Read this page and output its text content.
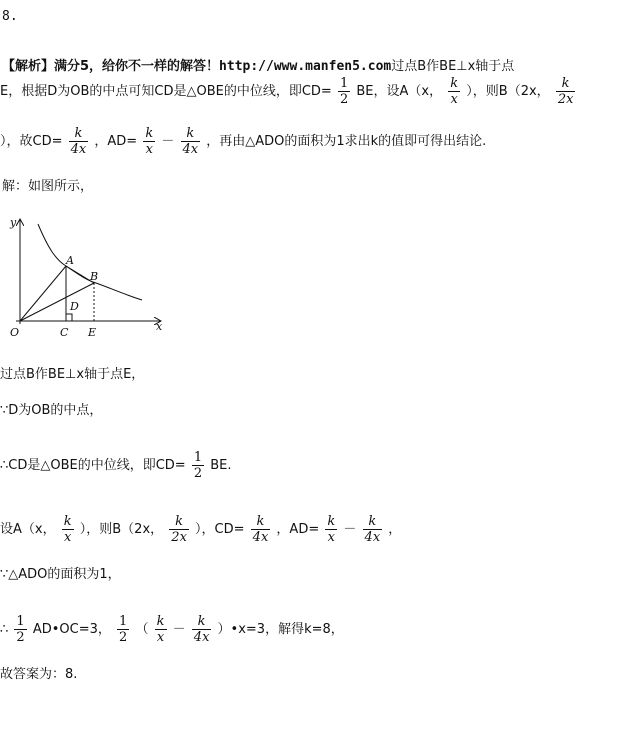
8.
【解析】满分5，给你不一样的解答！http://www.manfen5.com过点B作BE⊥x轴于点
E，根据D为OB的中点可知CD是△OBE的中位线，即$CD= \frac{1}{2}$ BE，设A（x， $\frac{k}{x}$ ），则B（2x， $\frac{k}{2x}$
），故$CD= \frac{k}{4x}$ ，$AD= \frac{k}{x} - \frac{k}{4x}$ ，再由△ADO的面积为1求出k的值即可得出结论.
解：如图所示，
y
x
O
A
B
C
D
E
过点B作BE⊥x轴于点E，
∵D为OB的中点，
∴CD是△OBE的中位线，即$CD= \frac{1}{2}$ BE.
设A（x， $\frac{k}{x}$ ），则B（2x， $\frac{k}{2x}$ ），$CD= \frac{k}{4x}$ ，$AD= \frac{k}{x} - \frac{k}{4x}$ ，
∵△ADO的面积为1，
∴ $\frac{1}{2}$ AD•OC=3， $\frac{1}{2}$ （ $\frac{k}{x} - \frac{k}{4x}$ ）•x=3，解得k=8，
故答案为：8.
